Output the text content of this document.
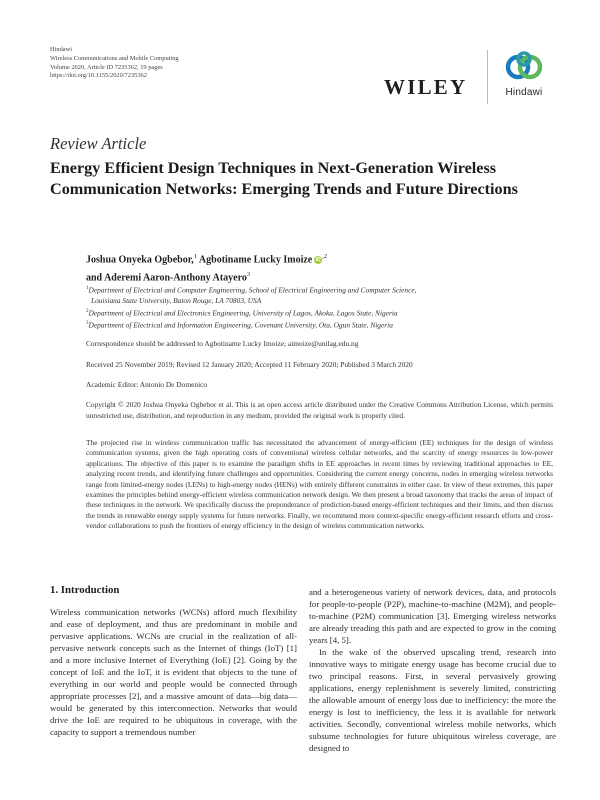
Hindawi
Wireless Communications and Mobile Computing
Volume 2020, Article ID 7235362, 19 pages
https://doi.org/10.1155/2020/7235362	WILEY	Hindawi
Review Article
Energy Efficient Design Techniques in Next-Generation Wireless Communication Networks: Emerging Trends and Future Directions
Joshua Onyeka Ogbebor,$^1$ Agbotiname Lucky Imoize $iD^{,2}$
and Aderemi Aaron-Anthony Atayero$^3$
$^1$Department of Electrical and Computer Engineering, School of Electrical Engineering and Computer Science,
Louisiana State University, Baton Rouge, LA 70803, USA
$^2$Department of Electrical and Electronics Engineering, University of Lagos, Akoka, Lagos State, Nigeria
$^3$Department of Electrical and Information Engineering, Covenant University, Ota, Ogun State, Nigeria
Correspondence should be addressed to Agbotiname Lucky Imoize; aimoize@unilag.edu.ng
Received 25 November 2019; Revised 12 January 2020; Accepted 11 February 2020; Published 3 March 2020
Academic Editor: Antonio De Domenico
Copyright © 2020 Joshua Onyeka Ogbebor et al. This is an open access article distributed under the Creative Commons Attribution License, which permits unrestricted use, distribution, and reproduction in any medium, provided the original work is properly cited.
The projected rise in wireless communication traffic has necessitated the advancement of energy-efficient (EE) techniques for the design of wireless communication systems, given the high operating costs of conventional wireless cellular networks, and the scarcity of energy resources in low-power applications. The objective of this paper is to examine the paradigm shifts in EE approaches in recent times by reviewing traditional approaches to EE, analyzing recent trends, and identifying future challenges and opportunities. Considering the current energy concerns, nodes in emerging wireless networks range from limited-energy nodes (LENs) to high-energy nodes (HENs) with entirely different constraints in either case. In view of these extremes, this paper examines the principles behind energy-efficient wireless communication network design. We then present a broad taxonomy that tracks the areas of impact of these techniques in the network. We specifically discuss the preponderance of prediction-based energy-efficient techniques and their limits, and then discuss the trends in renewable energy supply systems for future networks. Finally, we recommend more context-specific energy-efficient research efforts and cross-vendor collaborations to push the frontiers of energy efficiency in the design of wireless communication networks.
1. Introduction

Wireless communication networks (WCNs) afford much flexibility and ease of deployment, and thus are predominant in mobile and pervasive applications. WCNs are crucial in the realization of all-pervasive network concepts such as the Internet of things (IoT) [1] and a more inclusive Internet of Everything (IoE) [2]. Going by the concept of IoE and the IoT, it is evident that objects to the tune of everything in our world and people would be connected through appropriate processes [2], and a massive amount of data—big data—would be generated by this interconnection. Networks that would drive the IoE are required to be ubiquitous in coverage, with the capacity to support a tremendous number

and a heterogeneous variety of network devices, data, and protocols for people-to-people (P2P), machine-to-machine (M2M), and people-to-machine (P2M) communication [3]. Emerging wireless networks are already treading this path and are expected to grow in the coming years [4, 5].

In the wake of the observed upscaling trend, research into innovative ways to mitigate energy usage has become crucial due to two principal reasons. First, in several pervasively growing applications, energy replenishment is severely limited, constricting the allowable amount of energy loss due to inefficiency: the more the energy is lost to inefficiency, the less it is available for network activities. Secondly, conventional wireless mobile networks, which subsume technologies for future ubiquitous wireless coverage, are designed to
